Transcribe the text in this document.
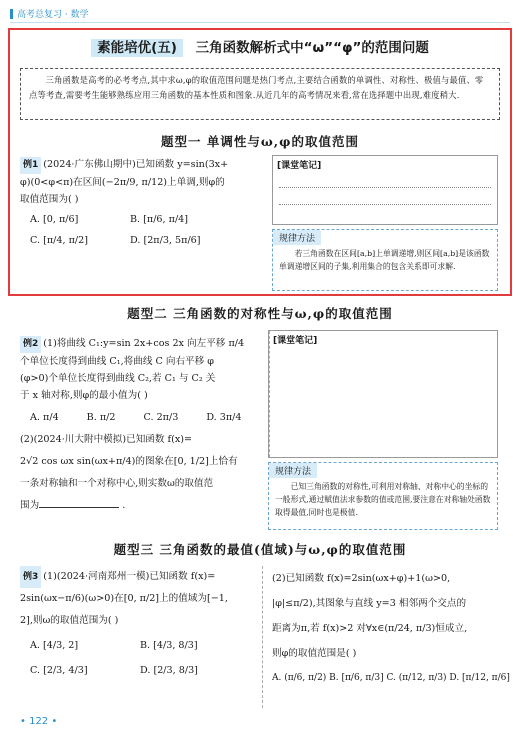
高考总复习 · 数学
素能培优(五) 三角函数解析式中“ω”“φ”的范围问题
三角函数是高考的必考考点,其中求ω,φ的取值范围问题是热门考点,主要结合函数的单调性、对称性、极值与最值、零点等考查,需要考生能够熟练应用三角函数的基本性质和图象.从近几年的高考情况来看,常在选择题中出现,难度稍大.
题型一 单调性与ω,φ的取值范围
例1 (2024·广东佛山期中)已知函数 y=sin(3x+
φ)(0<φ<π)在区间(−2π/9, π/12)上单调,则φ的
取值范围为( )
A. [0, π/6]	B. [π/6, π/4]
C. [π/4, π/2]	D. [2π/3, 5π/6]
[课堂笔记]
规律方法
若三角函数在区间[a,b]上单调递增,则区间[a,b]是该函数单调递增区间的子集,利用集合的包含关系即可求解.
题型二 三角函数的对称性与ω,φ的取值范围
例2 (1)将曲线 C₁:y=sin 2x+cos 2x 向左平移 π/4
个单位长度得到曲线 C₁,将曲线 C 向右平移 φ
(φ>0)个单位长度得到曲线 C₂,若 C₁ 与 C₂ 关
于 x 轴对称,则φ的最小值为( )
A. π/4	B. π/2	C. 2π/3	D. 3π/4
(2)(2024·川大附中模拟)已知函数 f(x)=
2√2 cos ωx sin(ωx+π/4)的图象在[0, 1/2]上恰有
一条对称轴和一个对称中心,则实数ω的取值范
围为	.
[课堂笔记]
规律方法
已知三角函数的对称性,可利用对称轴、对称中心的坐标的一般形式,通过赋值法求参数的值或范围,要注意在对称轴处函数取得最值,同时也是极值.
题型三 三角函数的最值(值域)与ω,φ的取值范围
例3 (1)(2024·河南郑州一模)已知函数 f(x)=
2sin(ωx−π/6)(ω>0)在[0, π/2]上的值域为[−1,
2],则ω的取值范围为( )
A. [4/3, 2]	B. [4/3, 8/3]
C. [2/3, 4/3]	D. [2/3, 8/3]
(2)已知函数 f(x)=2sin(ωx+φ)+1(ω>0,
|φ|≤π/2),其图象与直线 y=3 相邻两个交点的
距离为π,若 f(x)>2 对∀x∈(π/24, π/3)恒成立,
则φ的取值范围是( )
A. (π/6, π/2) B. [π/6, π/3] C. (π/12, π/3) D. [π/12, π/6]
• 122 •
